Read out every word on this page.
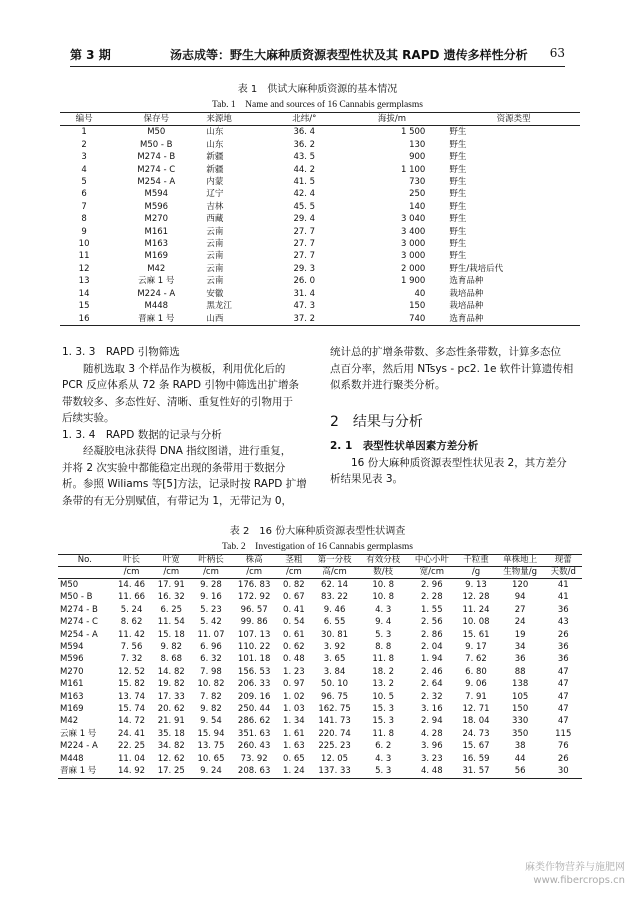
第 3 期	汤志成等：野生大麻种质资源表型性状及其 RAPD 遗传多样性分析 63
表 1　供试大麻种质资源的基本情况
Tab. 1　Name and sources of 16 Cannabis germplasms
编号	保存号	来源地	北纬/°	海拔/m	资源类型
1	M50	山东	36. 4	1 500	野生
2	M50 - B	山东	36. 2	130	野生
3	M274 - B	新疆	43. 5	900	野生
4	M274 - C	新疆	44. 2	1 100	野生
5	M254 - A	内蒙	41. 5	730	野生
6	M594	辽宁	42. 4	250	野生
7	M596	吉林	45. 5	140	野生
8	M270	西藏	29. 4	3 040	野生
9	M161	云南	27. 7	3 400	野生
10	M163	云南	27. 7	3 000	野生
11	M169	云南	27. 7	3 000	野生
12	M42	云南	29. 3	2 000	野生/栽培后代
13	云麻 1 号	云南	26. 0	1 900	选育品种
14	M224 - A	安徽	31. 4	40	栽培品种
15	M448	黑龙江	47. 3	150	栽培品种
16	晋麻 1 号	山西	37. 2	740	选育品种
1. 3. 3　RAPD 引物筛选
随机选取 3 个样品作为模板，利用优化后的
PCR 反应体系从 72 条 RAPD 引物中筛选出扩增条
带数较多、多态性好、清晰、重复性好的引物用于
后续实验。
1. 3. 4　RAPD 数据的记录与分析
经凝胶电泳获得 DNA 指纹图谱，进行重复，
并将 2 次实验中都能稳定出现的条带用于数据分
析。参照 Wiliams 等[5]方法，记录时按 RAPD 扩增
条带的有无分别赋值，有带记为 1，无带记为 0，
统计总的扩增条带数、多态性条带数，计算多态位
点百分率，然后用 NTsys - pc2. 1e 软件计算遗传相
似系数并进行聚类分析。
2　结果与分析
2. 1　表型性状单因素方差分析
16 份大麻种质资源表型性状见表 2，其方差分
析结果见表 3。
表 2　16 份大麻种质资源表型性状调查
Tab. 2　Investigation of 16 Cannabis germplasms
No.	叶长	叶宽	叶柄长	株高	茎粗	第一分枝	有效分枝	中心小叶	千粒重	单株地上	现蕾
	/cm	/cm	/cm	/cm	/cm	高/cm	数/枝	宽/cm	/g	生物量/g	天数/d
M50	14. 46	17. 91	9. 28	176. 83	0. 82	62. 14	10. 8	2. 96	9. 13	120	41
M50 - B	11. 66	16. 32	9. 16	172. 92	0. 67	83. 22	10. 8	2. 28	12. 28	94	41
M274 - B	5. 24	6. 25	5. 23	96. 57	0. 41	9. 46	4. 3	1. 55	11. 24	27	36
M274 - C	8. 62	11. 54	5. 42	99. 86	0. 54	6. 55	9. 4	2. 56	10. 08	24	43
M254 - A	11. 42	15. 18	11. 07	107. 13	0. 61	30. 81	5. 3	2. 86	15. 61	19	26
M594	7. 56	9. 82	6. 96	110. 22	0. 62	3. 92	8. 8	2. 04	9. 17	34	36
M596	7. 32	8. 68	6. 32	101. 18	0. 48	3. 65	11. 8	1. 94	7. 62	36	36
M270	12. 52	14. 82	7. 98	156. 53	1. 23	3. 84	18. 2	2. 46	6. 80	88	47
M161	15. 82	19. 82	10. 82	206. 33	0. 97	50. 10	13. 2	2. 64	9. 06	138	47
M163	13. 74	17. 33	7. 82	209. 16	1. 02	96. 75	10. 5	2. 32	7. 91	105	47
M169	15. 74	20. 62	9. 82	250. 44	1. 03	162. 75	15. 3	3. 16	12. 71	150	47
M42	14. 72	21. 91	9. 54	286. 62	1. 34	141. 73	15. 3	2. 94	18. 04	330	47
云麻 1 号	24. 41	35. 18	15. 94	351. 63	1. 61	220. 74	11. 8	4. 28	24. 73	350	115
M224 - A	22. 25	34. 82	13. 75	260. 43	1. 63	225. 23	6. 2	3. 96	15. 67	38	76
M448	11. 04	12. 62	10. 65	73. 92	0. 65	12. 05	4. 3	3. 23	16. 59	44	26
晋麻 1 号	14. 92	17. 25	9. 24	208. 63	1. 24	137. 33	5. 3	4. 48	31. 57	56	30
麻类作物营养与施肥网
www.fibercrops.cn
